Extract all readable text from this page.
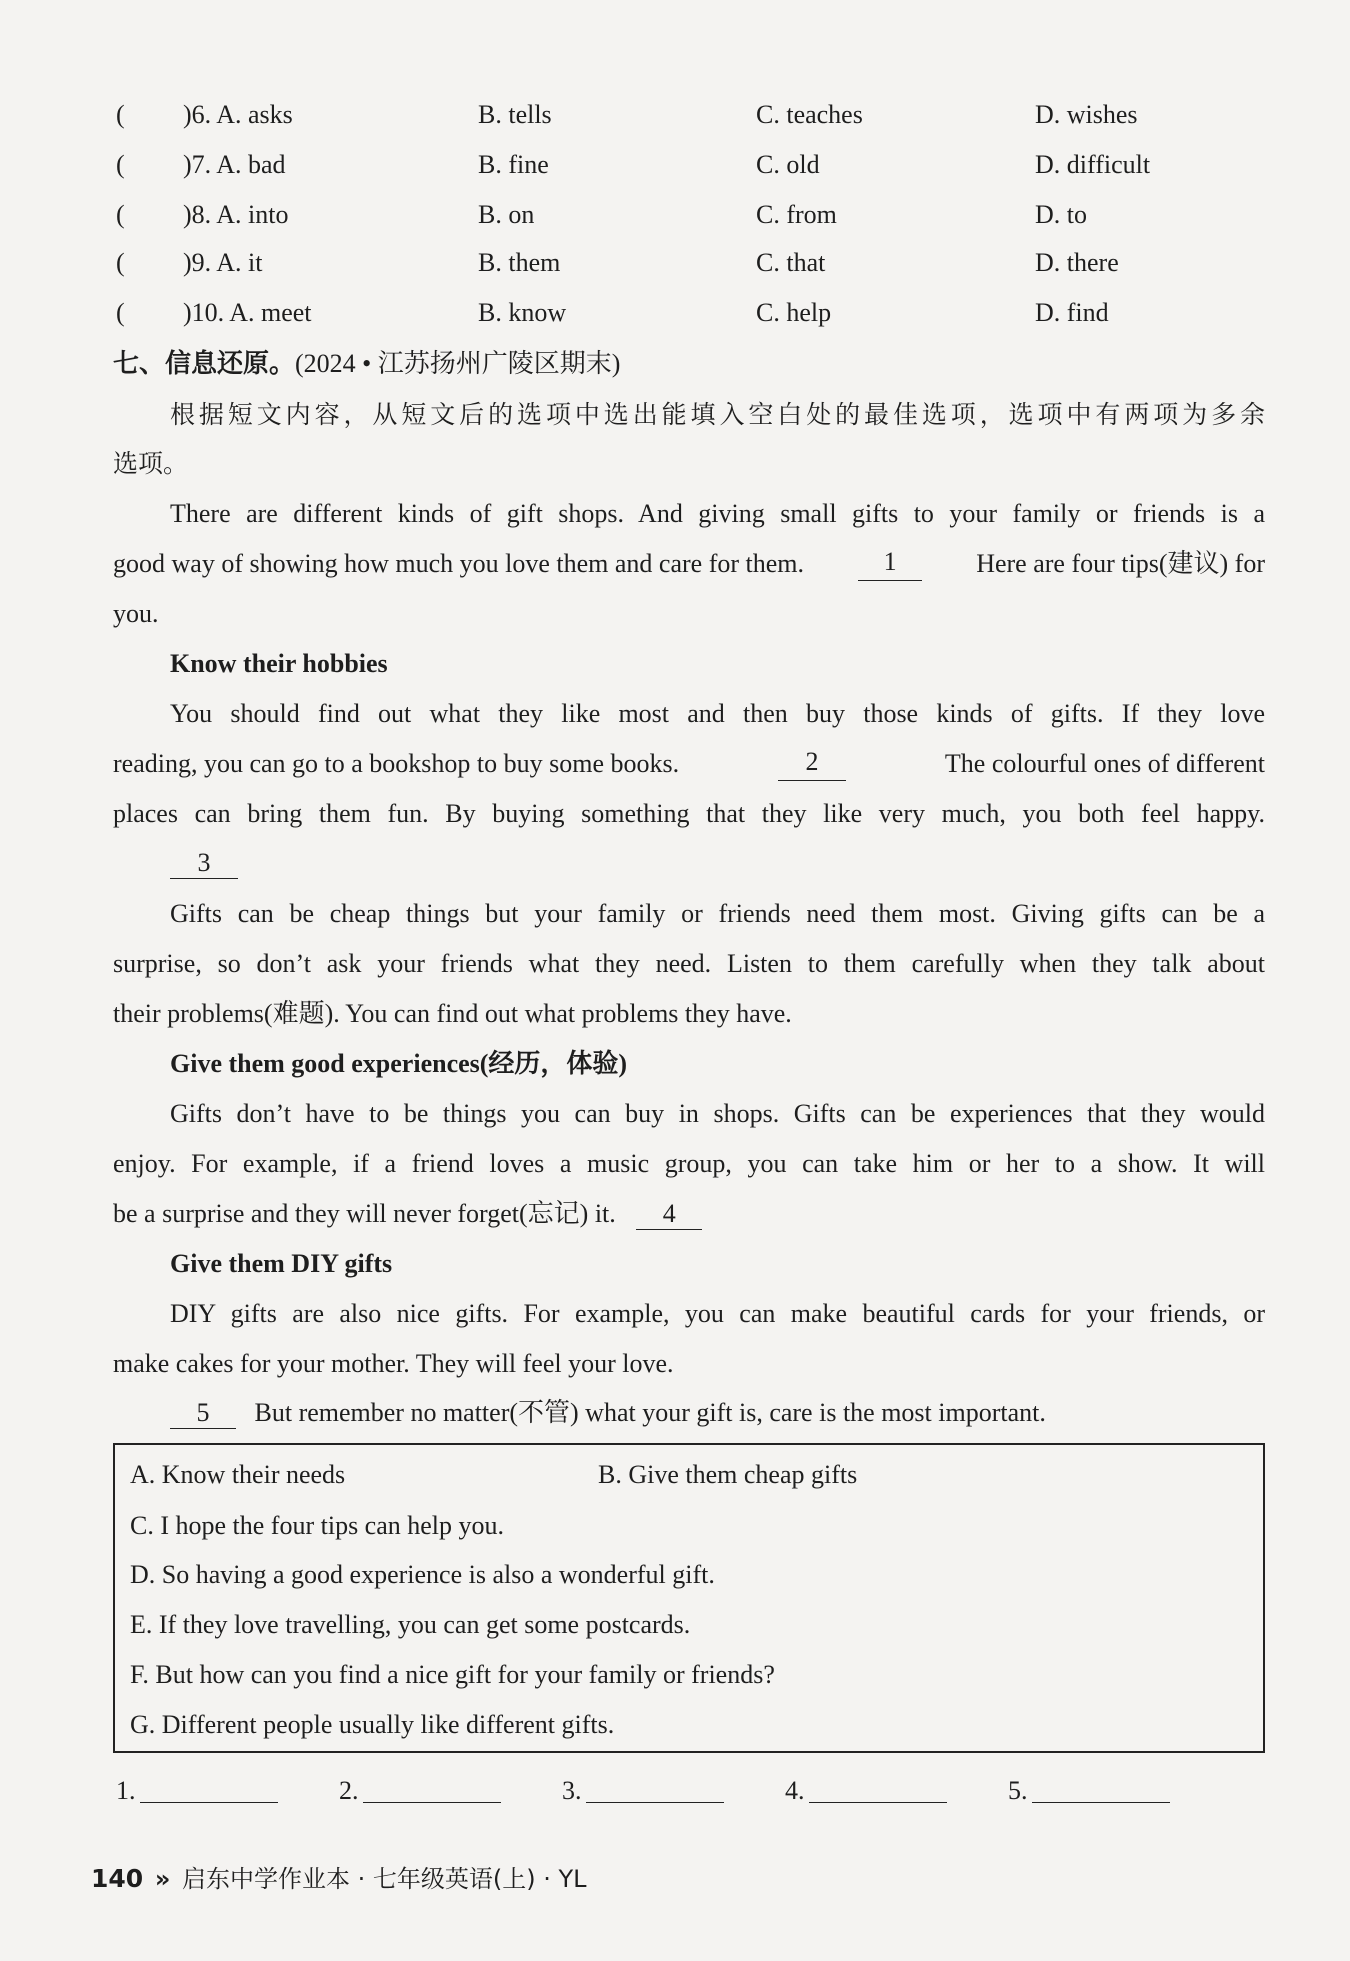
( )6. A. asks	B. tells	C. teaches	D. wishes
( )7. A. bad	B. fine	C. old	D. difficult
( )8. A. into	B. on	C. from	D. to
( )9. A. it	B. them	C. that	D. there
( )10. A. meet	B. know	C. help	D. find
七、信息还原。(2024 • 江苏扬州广陵区期末)
根据短文内容，从短文后的选项中选出能填入空白处的最佳选项，选项中有两项为多余
选项。
There are different kinds of gift shops. And giving small gifts to your family or friends is a
good way of showing how much you love them and care for them.	1	Here are four tips(建议) for
you.
Know their hobbies
You should find out what they like most and then buy those kinds of gifts. If they love
reading, you can go to a bookshop to buy some books.	2	The colourful ones of different
places can bring them fun. By buying something that they like very much, you both feel happy.
3
Gifts can be cheap things but your family or friends need them most. Giving gifts can be a
surprise, so don’t ask your friends what they need. Listen to them carefully when they talk about
their problems(难题). You can find out what problems they have.
Give them good experiences(经历，体验)
Gifts don’t have to be things you can buy in shops. Gifts can be experiences that they would
enjoy. For example, if a friend loves a music group, you can take him or her to a show. It will
be a surprise and they will never forget(忘记) it. 4
Give them DIY gifts
DIY gifts are also nice gifts. For example, you can make beautiful cards for your friends, or
make cakes for your mother. They will feel your love.
5 But remember no matter(不管) what your gift is, care is the most important.
A. Know their needs	B. Give them cheap gifts
C. I hope the four tips can help you.
D. So having a good experience is also a wonderful gift.
E. If they love travelling, you can get some postcards.
F. But how can you find a nice gift for your family or friends?
G. Different people usually like different gifts.
1.	2.	3.	4.	5.
140 » 启东中学作业本 · 七年级英语(上) · YL
